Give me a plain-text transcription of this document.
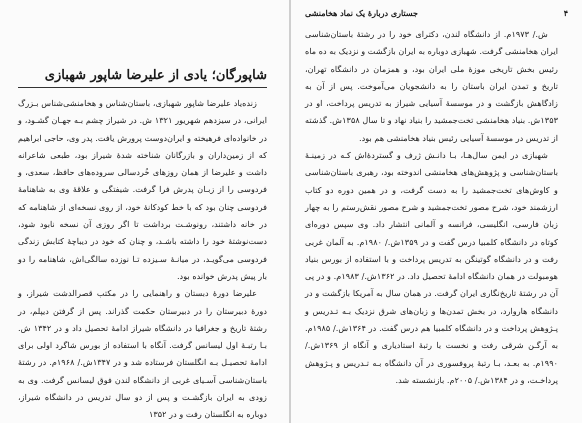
شاپورگان؛ یادی از علیرضا شاپور شهبازی

زنده‌یاد علیرضا شاپور شهبازی، باستان‌شناس و هخامنشی‌شناس بـزرگ ایرانی، در سیزدهم شهریور ۱۳۲۱ ش. در شیراز چشم بـه جهـان گشـود، و در خانواده‌ای فرهیخته و ایران‌دوست پرورش یافت. پدر وی، حاجی ابراهیم که از زمین‌داران و بازرگانان شناخته شدهٔ شیراز بود، طبعی شاعرانه داشت و علیرضا از همان روزهای خُردسالی سروده‌های حافظ، سعدی، و فردوسی را از زبـان پدرش فرا گرفت. شیفتگی و علاقهٔ وی به شاهنامهٔ فردوسی چنان بود که با خط کودکانهٔ خود، از روی نسخه‌ای از شاهنامه که در خانه داشتند، رونوشـت برداشت تا اگر روزی آن نسخه نابود شود، دست‌نوشتهٔ خود را داشته باشـد، و چنان که خود در دیباچهٔ کتابش زندگی فردوسی می‌گویـد، در میانـهٔ سـیزده تـا نوزده سالگی‌اش، شاهنامه را دو بار پیش پدرش خوانده بود.

علیرضا دورهٔ دبستان و راهنمایی را در مکتب قصرالدشت شیراز، و دورهٔ دبیرستان را در دبیرستان حکمت گذراند. پس از گرفتن دیپلم، در رشتهٔ تاریخ و جغرافیا در دانشگاه شیراز ادامهٔ تحصیل داد و در ۱۳۴۲ ش. بـا رتبـهٔ اول لیسانس گرفت. آنگاه با استفاده از بورس شاگرد اولی برای ادامهٔ تحصیـل بـه انگلستان فرستاده شد و در ۱۳۴۷ش./ ۱۹۶۸م. در رشتهٔ باستان‌شناسی آسـیای غربی از دانشگاه لندن فوق لیسانس گرفت. وی به زودی به ایران بازگشـت و پس از دو سال تدریس در دانشگاه شیراز، دوباره به انگلستان رفت و در ۱۳۵۲

۴
جستاری دربارهٔ یک نماد هخامنشی

ش./ ۱۹۷۳م. از دانشگاه لندن، دکترای خود را در رشتهٔ باستان‌شناسی ایران هخامنشی گرفت. شهبازی دوباره به ایران بازگشت و نزدیک به ده ماه رئیس بخش تاریخی موزهٔ ملی ایران بود، و همزمان در دانشگاه تهران، تاریخ و تمدن ایران باستان را به دانشجویان می‌آموخت. پس از آن به زادگاهش بازگشت و در موسسهٔ آسیایی شیراز به تدریس پرداخت، او در ۱۳۵۳ش. بنیاد هخامنشی تخت‌جمشید را بنیاد نهاد و تا سال ۱۳۵۸ش. گذشته از تدریس در موسسهٔ آسیایی رئیس بنیاد هخامنشی هم بود.

شهبازی در ایمن سال‌هـا، بـا دانـش ژرف و گستردهٔ‌اش کـه در زمینـهٔ باستان‌شناسی و پژوهش‌های هخامنشی اندوخته بود، رهبری باستان‌شناسی و کاوش‌های تخت‌جمشید را به دست گرفت، و در همین دوره دو کتاب ارزشمند خود، شرح مصور تخت‌جمشید و شرح مصور نقش‌رستم را به چهار زبان فارسی، انگلیسی، فرانسه و آلمانی انتشار داد. وی سپس دوره‌ای کوتاه در دانشگاه کلمبیا درس گفت و در ۱۳۵۹ش./ ۱۹۸۰م. به آلمان غربی رفت و در دانشگاه گوتینگن به تدریس پرداخت و با استفاده از بورس بنیاد هومبولت در همان دانشگاه ادامهٔ تحصیل داد. در ۱۳۶۲ش./ ۱۹۸۳م. و در پی آن در رشتهٔ تاریخ‌نگاری ایران گرفت. در همان سال به آمریکا بازگشت و در دانشگاه هاروارد، در بخش تمدن‌ها و زبان‌های شرق نزدیک بـه تـدریس و پـژوهش پرداخت و در دانشگاه کلمبیا هم درس گفت. در ۱۳۶۴ش./ ۱۹۸۵م. به آرگـن شرقی رفت و نخست با رتبهٔ استادیاری و آنگاه از ۱۳۶۹ش./ ۱۹۹۰م. به بعـد، بـا رتبهٔ پروفسوری در آن دانشگاه بـه تـدریس و پـژوهش پرداخـت، و در ۱۳۸۴ش./ ۲۰۰۵م. بازنشسته شد.
